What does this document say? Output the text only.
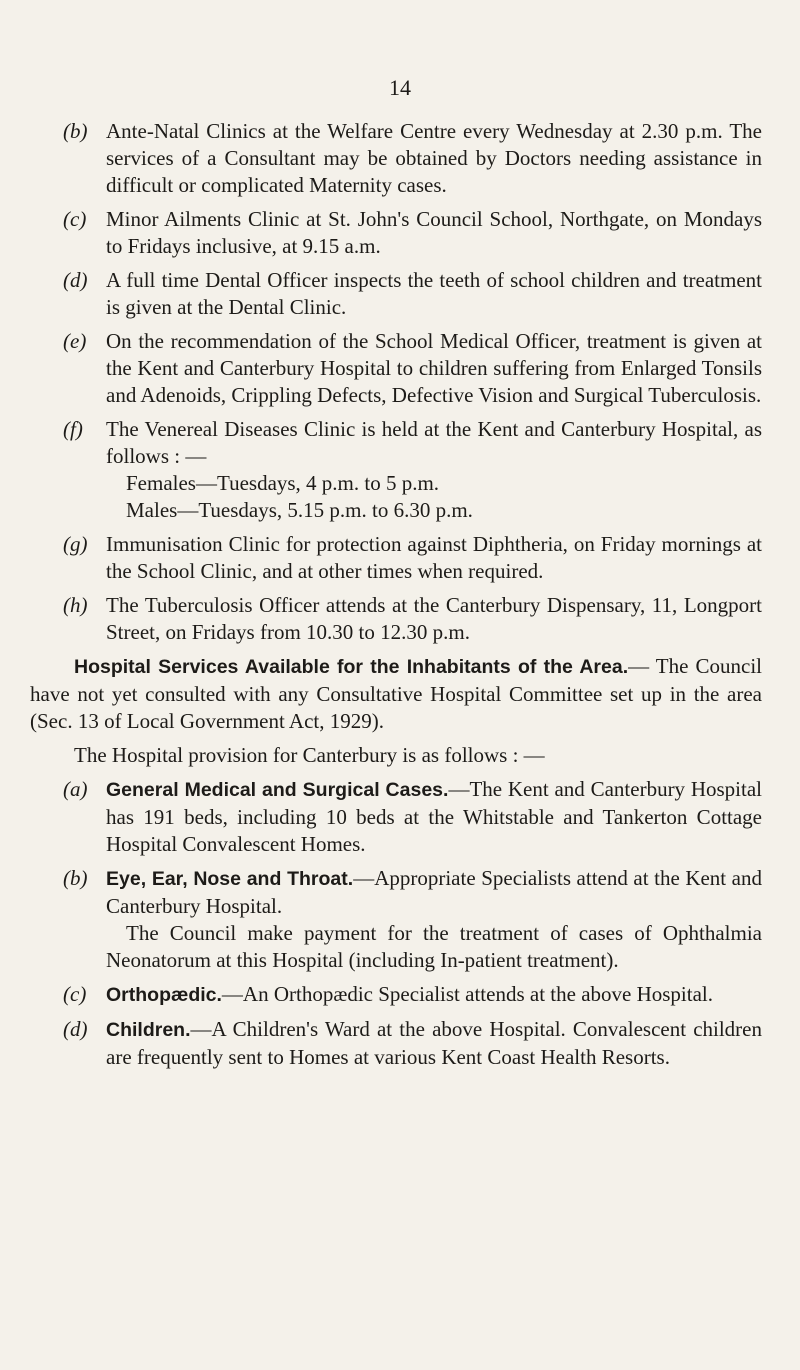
14
(b) Ante-Natal Clinics at the Welfare Centre every Wednesday at 2.30 p.m. The services of a Consultant may be obtained by Doctors needing assistance in difficult or complicated Maternity cases.
(c) Minor Ailments Clinic at St. John's Council School, Northgate, on Mondays to Fridays inclusive, at 9.15 a.m.
(d) A full time Dental Officer inspects the teeth of school children and treatment is given at the Dental Clinic.
(e) On the recommendation of the School Medical Officer, treatment is given at the Kent and Canterbury Hospital to children suffering from Enlarged Tonsils and Adenoids, Crippling Defects, Defective Vision and Surgical Tuberculosis.
(f) The Venereal Diseases Clinic is held at the Kent and Canterbury Hospital, as follows : —
Females—Tuesdays, 4 p.m. to 5 p.m.
Males—Tuesdays, 5.15 p.m. to 6.30 p.m.
(g) Immunisation Clinic for protection against Diphtheria, on Friday mornings at the School Clinic, and at other times when required.
(h) The Tuberculosis Officer attends at the Canterbury Dispensary, 11, Longport Street, on Fridays from 10.30 to 12.30 p.m.
Hospital Services Available for the Inhabitants of the Area.— The Council have not yet consulted with any Consultative Hospital Committee set up in the area (Sec. 13 of Local Government Act, 1929).
The Hospital provision for Canterbury is as follows : —
(a) General Medical and Surgical Cases.—The Kent and Canterbury Hospital has 191 beds, including 10 beds at the Whitstable and Tankerton Cottage Hospital Convalescent Homes.
(b) Eye, Ear, Nose and Throat.—Appropriate Specialists attend at the Kent and Canterbury Hospital.
The Council make payment for the treatment of cases of Ophthalmia Neonatorum at this Hospital (including In-patient treatment).
(c) Orthopædic.—An Orthopædic Specialist attends at the above Hospital.
(d) Children.—A Children's Ward at the above Hospital. Convalescent children are frequently sent to Homes at various Kent Coast Health Resorts.
